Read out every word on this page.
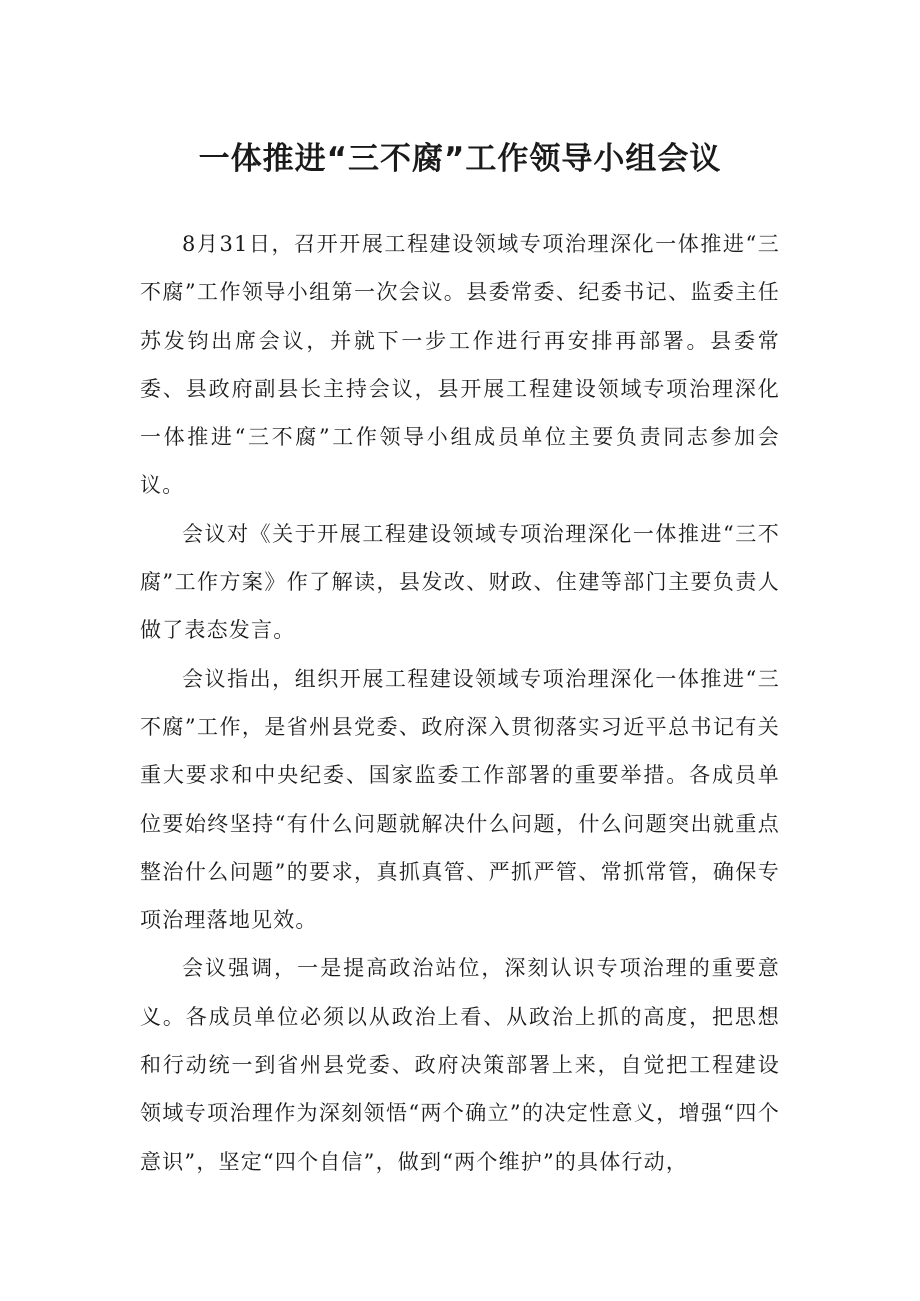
一体推进“三不腐”工作领导小组会议

8月31日，召开开展工程建设领域专项治理深化一体推进“三不腐”工作领导小组第一次会议。县委常委、纪委书记、监委主任苏发钧出席会议，并就下一步工作进行再安排再部署。县委常委、县政府副县长主持会议，县开展工程建设领域专项治理深化一体推进“三不腐”工作领导小组成员单位主要负责同志参加会议。

会议对《关于开展工程建设领域专项治理深化一体推进“三不腐”工作方案》作了解读，县发改、财政、住建等部门主要负责人做了表态发言。

会议指出，组织开展工程建设领域专项治理深化一体推进“三不腐”工作，是省州县党委、政府深入贯彻落实习近平总书记有关重大要求和中央纪委、国家监委工作部署的重要举措。各成员单位要始终坚持“有什么问题就解决什么问题，什么问题突出就重点整治什么问题”的要求，真抓真管、严抓严管、常抓常管，确保专项治理落地见效。

会议强调，一是提高政治站位，深刻认识专项治理的重要意义。各成员单位必须以从政治上看、从政治上抓的高度，把思想和行动统一到省州县党委、政府决策部署上来，自觉把工程建设领域专项治理作为深刻领悟“两个确立”的决定性意义，增强“四个意识”，坚定“四个自信”，做到“两个维护”的具体行动，
